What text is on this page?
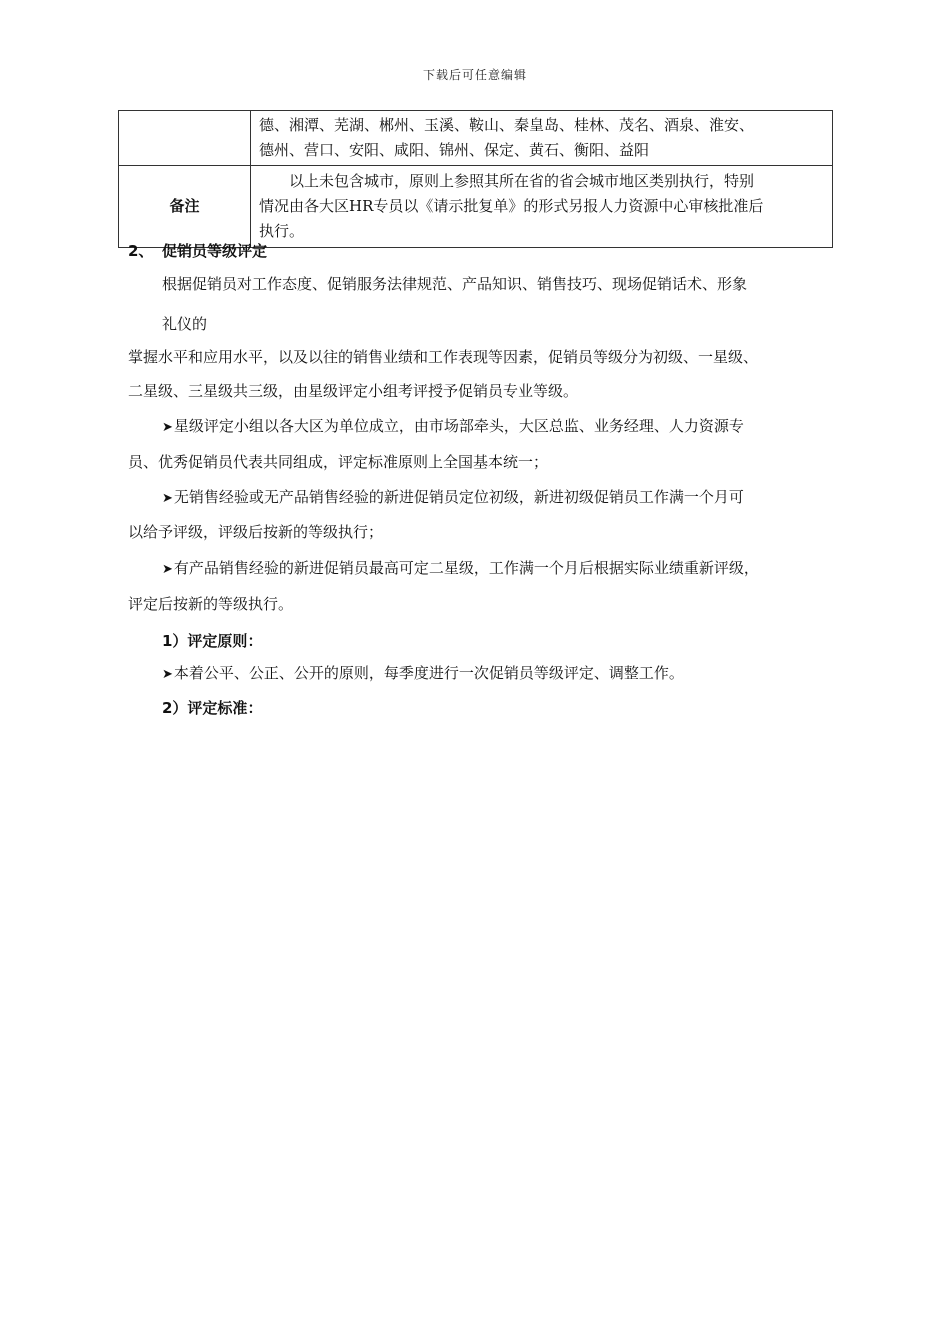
下载后可任意编辑

	德、湘潭、芜湖、郴州、玉溪、鞍山、秦皇岛、桂林、茂名、酒泉、淮安、
德州、营口、安阳、咸阳、锦州、保定、黄石、衡阳、益阳

备注	以上未包含城市，原则上参照其所在省的省会城市地区类别执行，特别
情况由各大区HR专员以《请示批复单》的形式另报人力资源中心审核批准后
执行。
2、 促销员等级评定
根据促销员对工作态度、促销服务法律规范、产品知识、销售技巧、现场促销话术、形象
礼仪的
掌握水平和应用水平，以及以往的销售业绩和工作表现等因素，促销员等级分为初级、一星级、
二星级、三星级共三级，由星级评定小组考评授予促销员专业等级。
➤ 星级评定小组以各大区为单位成立，由市场部牵头，大区总监、业务经理、人力资源专
员、优秀促销员代表共同组成，评定标准原则上全国基本统一；
➤ 无销售经验或无产品销售经验的新进促销员定位初级，新进初级促销员工作满一个月可
以给予评级，评级后按新的等级执行；
➤ 有产品销售经验的新进促销员最高可定二星级，工作满一个月后根据实际业绩重新评级，
评定后按新的等级执行。
1）评定原则：
➤ 本着公平、公正、公开的原则，每季度进行一次促销员等级评定、调整工作。
2）评定标准：
